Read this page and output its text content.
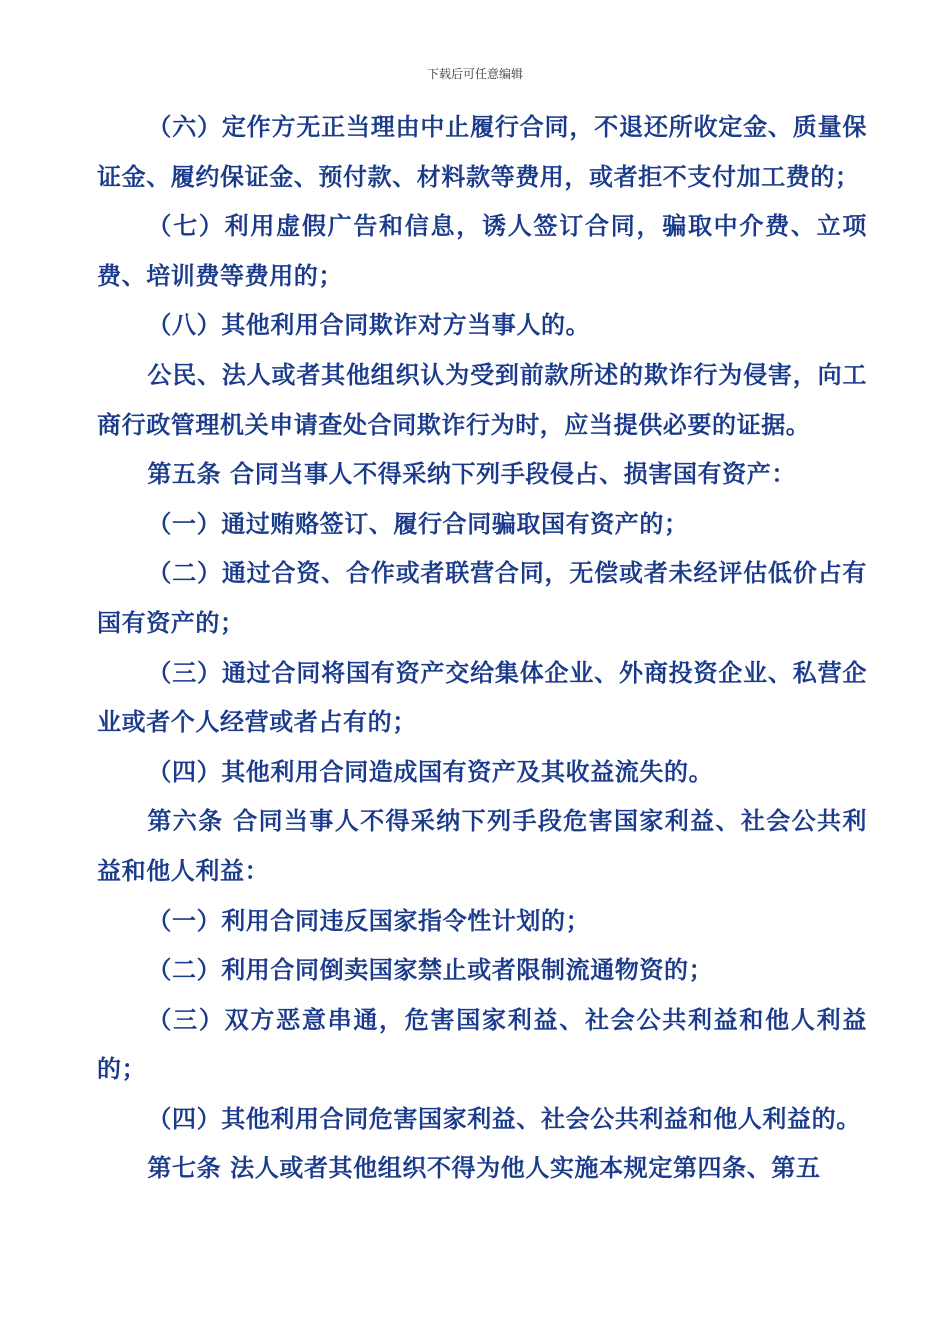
下载后可任意编辑

（六）定作方无正当理由中止履行合同，不退还所收定金、质量保证金、履约保证金、预付款、材料款等费用，或者拒不支付加工费的；

（七）利用虚假广告和信息，诱人签订合同，骗取中介费、立项费、培训费等费用的；

（八）其他利用合同欺诈对方当事人的。

公民、法人或者其他组织认为受到前款所述的欺诈行为侵害，向工商行政管理机关申请查处合同欺诈行为时，应当提供必要的证据。

第五条 合同当事人不得采纳下列手段侵占、损害国有资产：

（一）通过贿赂签订、履行合同骗取国有资产的；

（二）通过合资、合作或者联营合同，无偿或者未经评估低价占有国有资产的；

（三）通过合同将国有资产交给集体企业、外商投资企业、私营企业或者个人经营或者占有的；

（四）其他利用合同造成国有资产及其收益流失的。

第六条 合同当事人不得采纳下列手段危害国家利益、社会公共利益和他人利益：

（一）利用合同违反国家指令性计划的；

（二）利用合同倒卖国家禁止或者限制流通物资的；

（三）双方恶意串通，危害国家利益、社会公共利益和他人利益的；

（四）其他利用合同危害国家利益、社会公共利益和他人利益的。

第七条 法人或者其他组织不得为他人实施本规定第四条、第五
